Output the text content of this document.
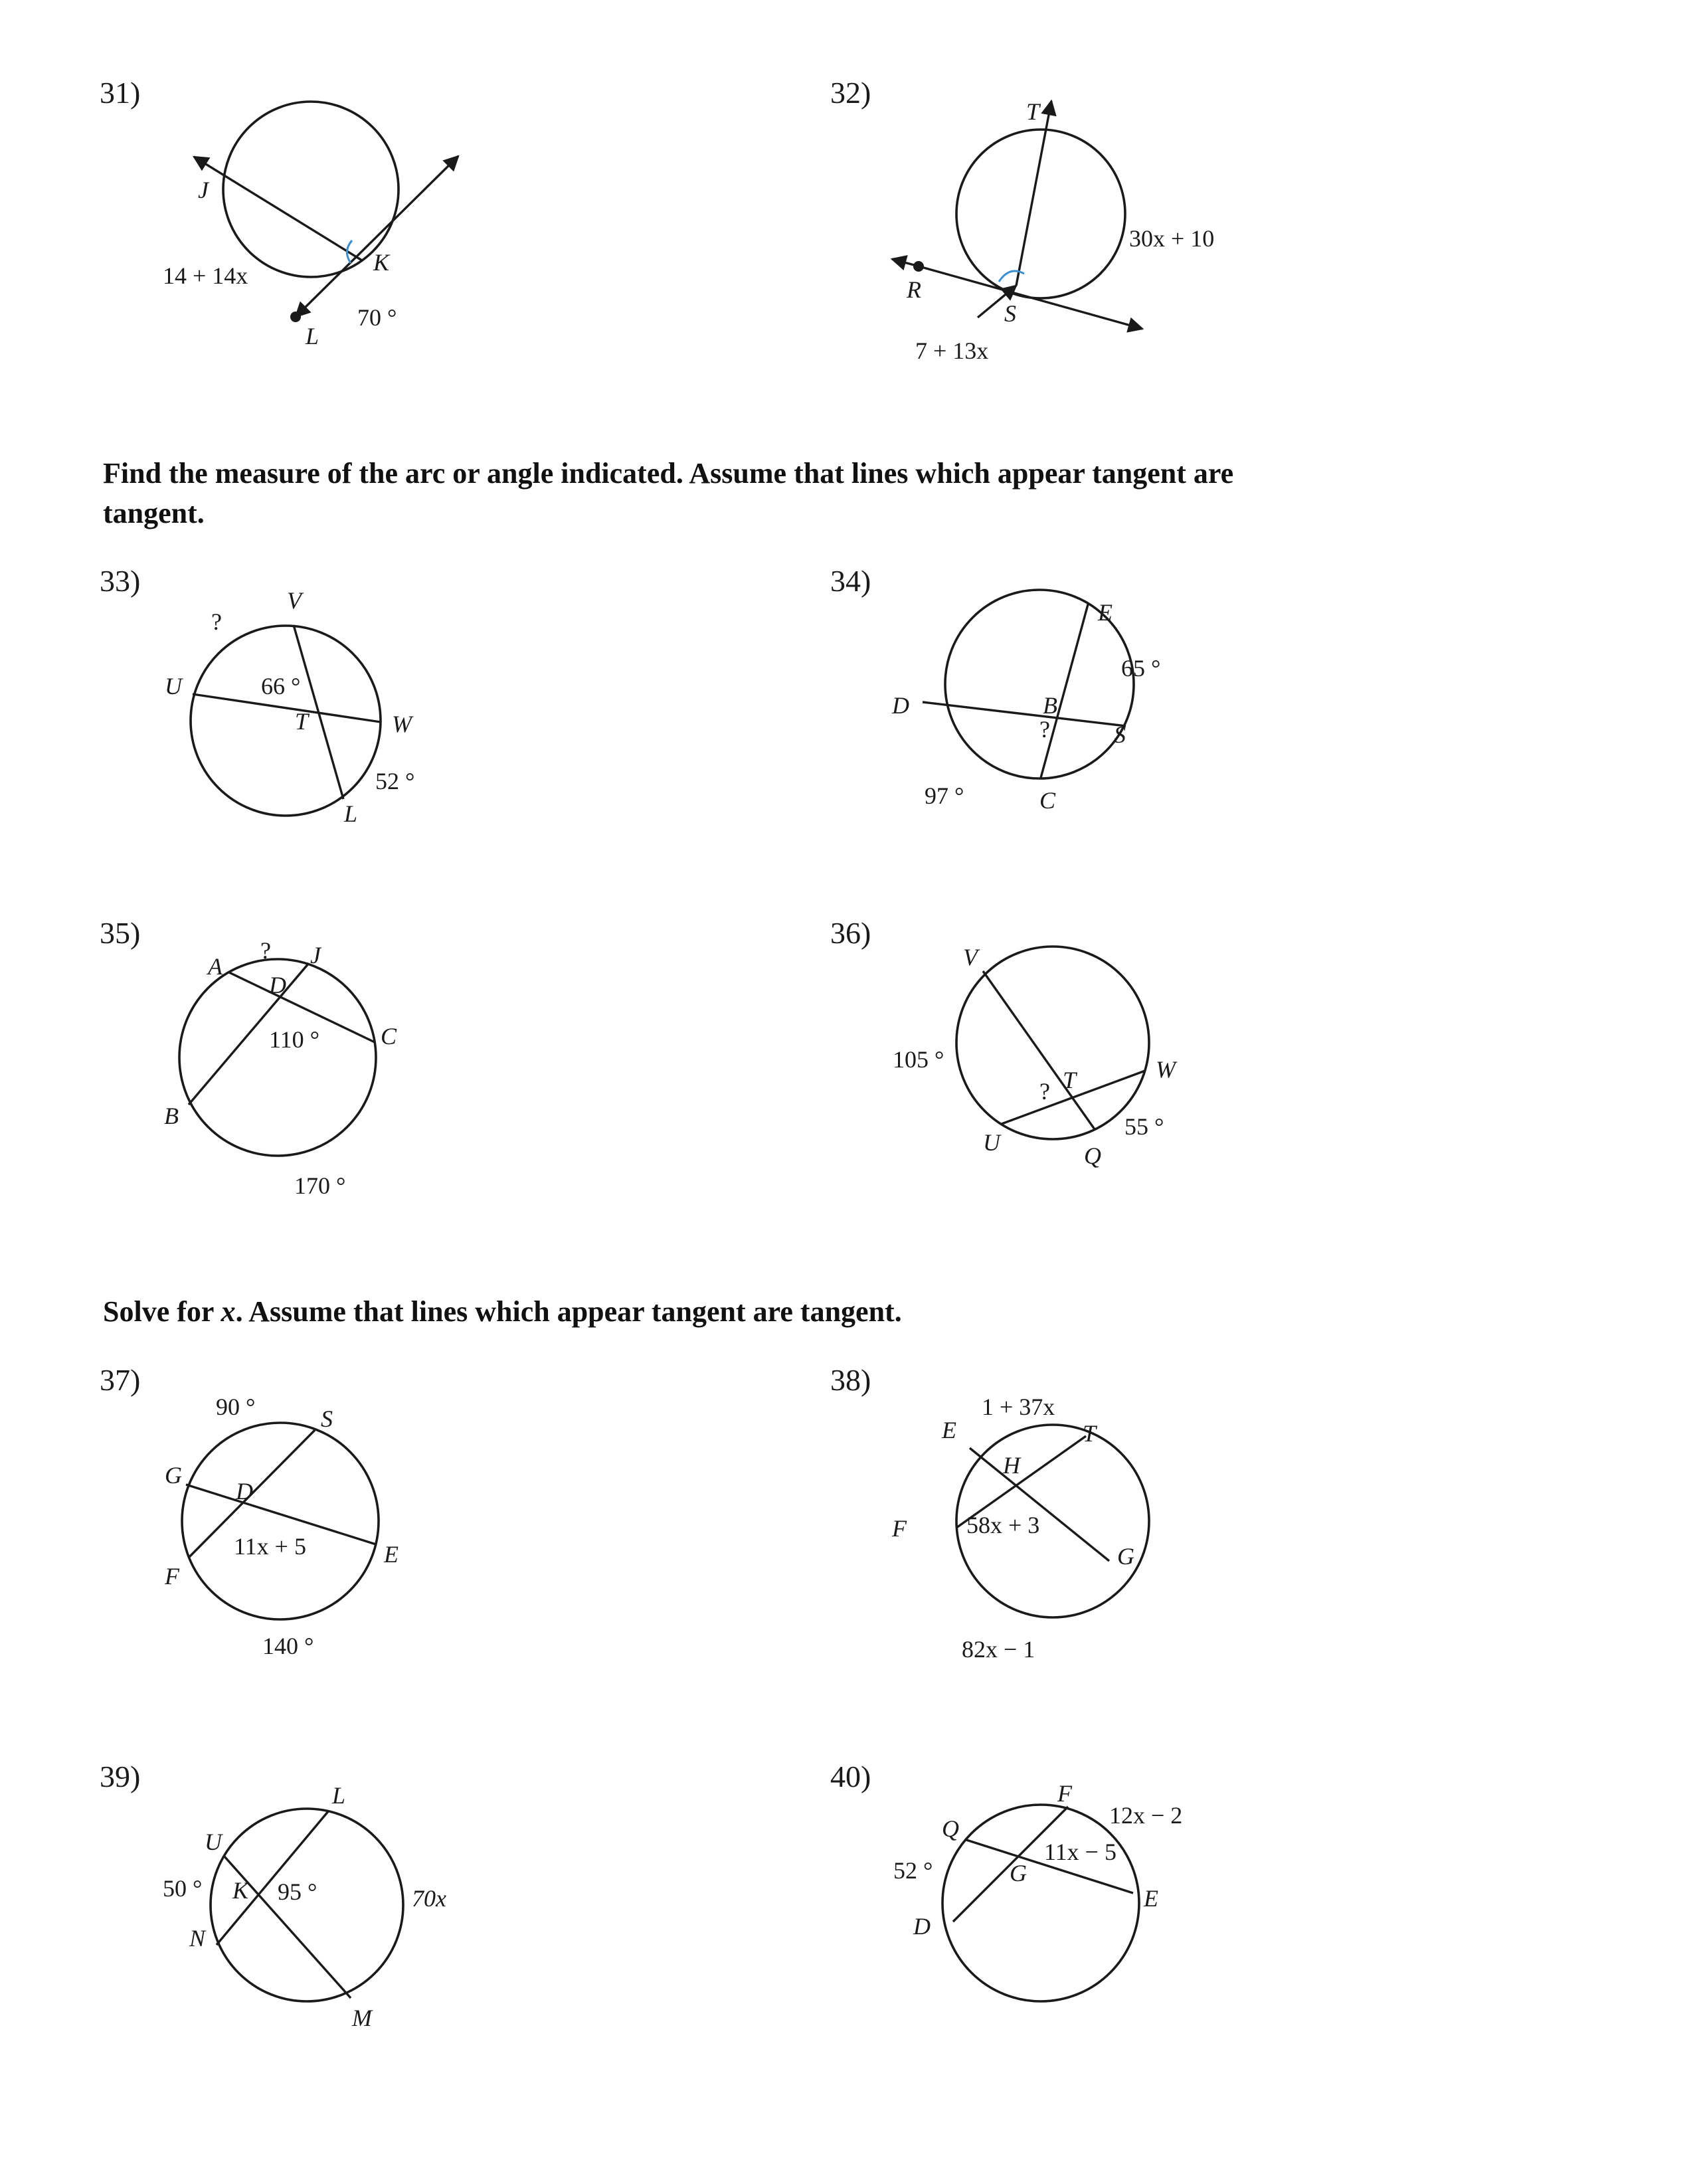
Find the measure of the arc or angle indicated. Assume that lines which appear tangent are
tangent.
Solve for x. Assume that lines which appear tangent are tangent.
31)
J
K
L
14 + 14x
70 °
32)
T
R
S
30x + 10
7 + 13x
33)
V
U
T	W
L
?
66 °
52 °
34)
E
D	B
S
C
?
65 °
97 °
35)
A	J
D
C
B
?
110 °
170 °
36)
V
T	W
U	Q
?
105 °
55 °
37)
S
G
D
F
E
90 °
11x + 5
140 °
38)
E	T
H
F
G
1 + 37x
58x + 3
82x − 1
39)
L
U
K
N
M
50 °	95 °	70x
40)	F
Q
G
E
D
12x − 2
11x − 5
52 °
